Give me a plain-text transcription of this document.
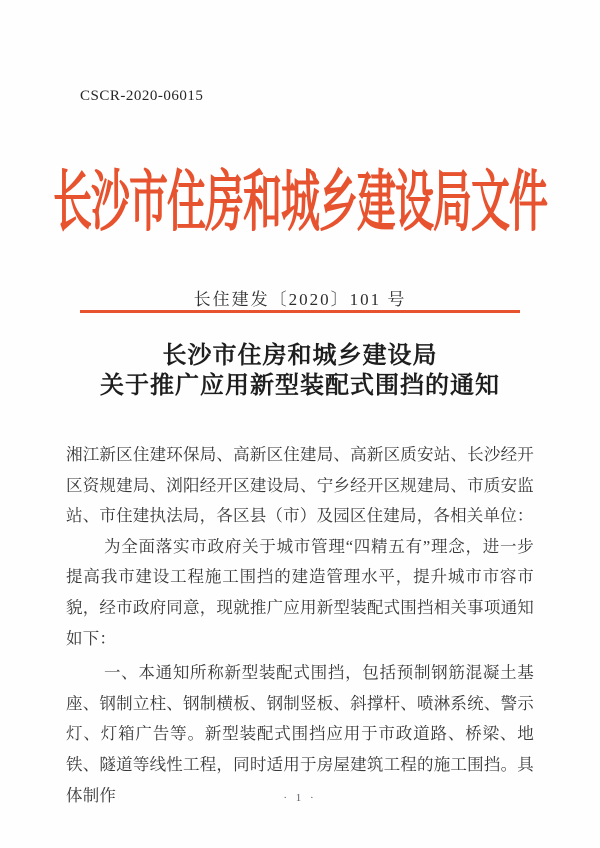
CSCR-2020-06015
长沙市住房和城乡建设局文件
长住建发〔2020〕101 号
长沙市住房和城乡建设局
关于推广应用新型装配式围挡的通知

湘江新区住建环保局、高新区住建局、高新区质安站、长沙经开区资规建局、浏阳经开区建设局、宁乡经开区规建局、市质安监站、市住建执法局，各区县（市）及园区住建局，各相关单位：

为全面落实市政府关于城市管理“四精五有”理念，进一步提高我市建设工程施工围挡的建造管理水平，提升城市市容市貌，经市政府同意，现就推广应用新型装配式围挡相关事项通知如下：

一、本通知所称新型装配式围挡，包括预制钢筋混凝土基座、钢制立柱、钢制横板、钢制竖板、斜撑杆、喷淋系统、警示灯、灯箱广告等。新型装配式围挡应用于市政道路、桥梁、地铁、隧道等线性工程，同时适用于房屋建筑工程的施工围挡。具体制作	· 1 ·
